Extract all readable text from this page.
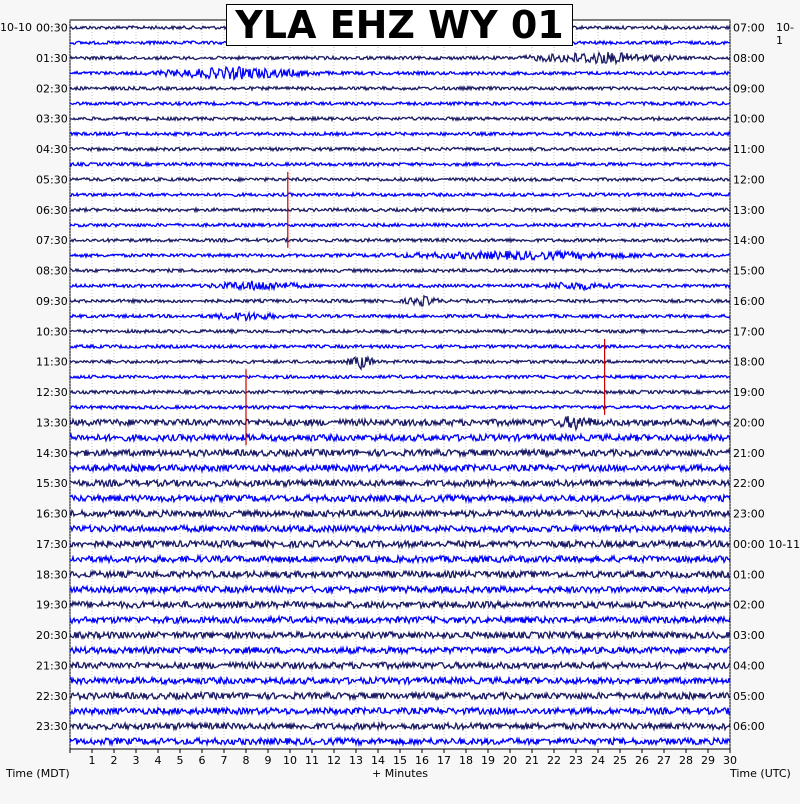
00:30
01:30
02:30
03:30
04:30
05:30
06:30
07:30
08:30
09:30
10:30
11:30
12:30
13:30
14:30
15:30
16:30
17:30
18:30
19:30
20:30
21:30
22:30
23:30
07:00
08:00
09:00
10:00
11:00
12:00
13:00
14:00
15:00
16:00
17:00
18:00
19:00
20:00
21:00
22:00
23:00
00:00 10-11
01:00
02:00
03:00
04:00
05:00
06:00
1 2 3 4 5 6 7 8 9 10 11 12 13 14 15 16 17 18 19 20 21 22 23 24 25 26 27 28 29 30
YLA EHZ WY 01
10-10	10-1
Time (MDT)	+ Minutes	Time (UTC)
